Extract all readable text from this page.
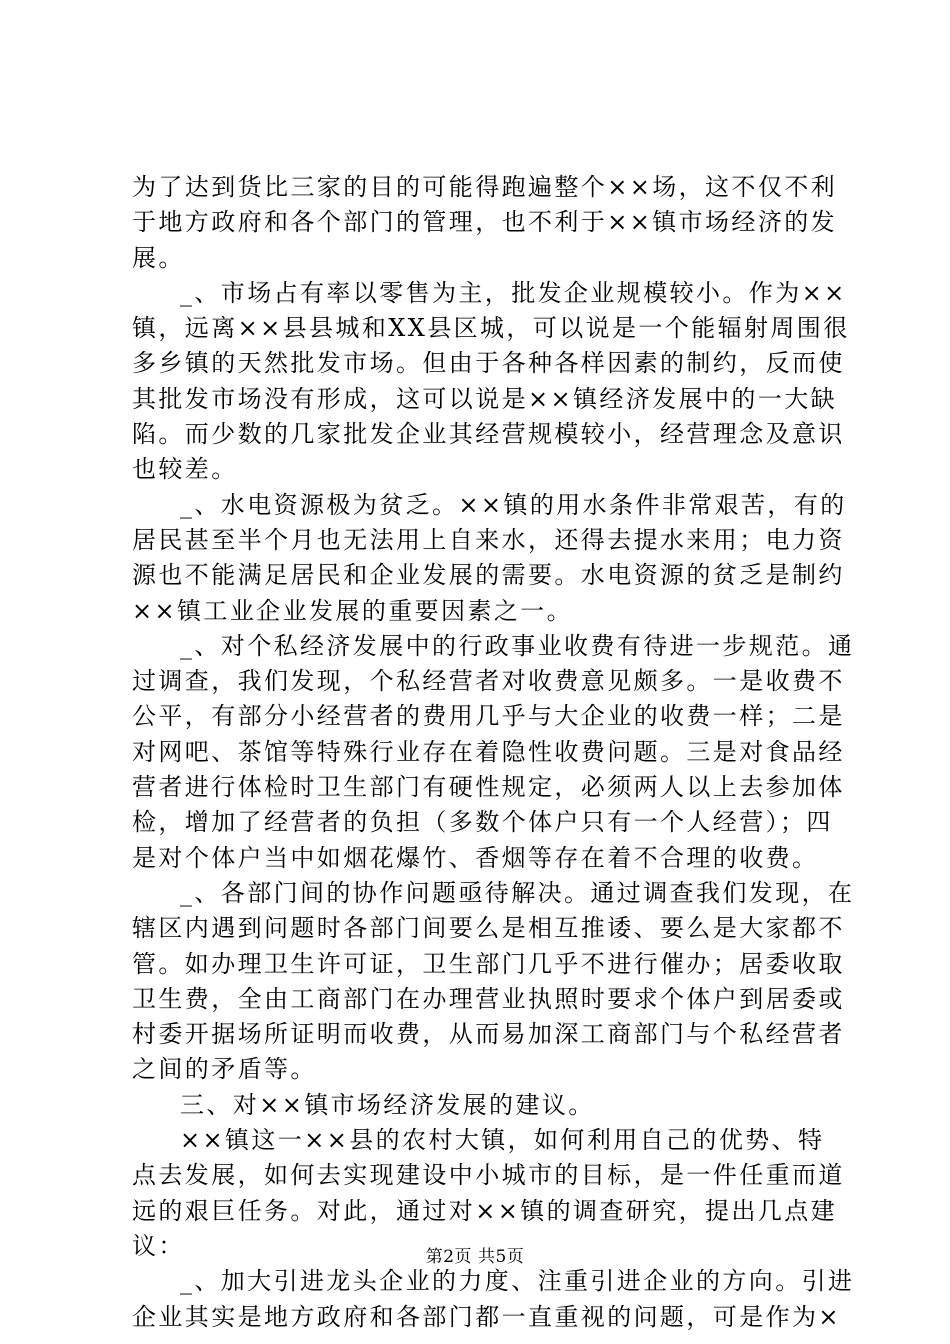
为了达到货比三家的目的可能得跑遍整个××场，这不仅不利
于地方政府和各个部门的管理，也不利于××镇市场经济的发
展。
_、市场占有率以零售为主，批发企业规模较小。作为××
镇，远离××县县城和XX县区城，可以说是一个能辐射周围很
多乡镇的天然批发市场。但由于各种各样因素的制约，反而使
其批发市场没有形成，这可以说是××镇经济发展中的一大缺
陷。而少数的几家批发企业其经营规模较小，经营理念及意识
也较差。
_、水电资源极为贫乏。××镇的用水条件非常艰苦，有的
居民甚至半个月也无法用上自来水，还得去提水来用；电力资
源也不能满足居民和企业发展的需要。水电资源的贫乏是制约
××镇工业企业发展的重要因素之一。
_、对个私经济发展中的行政事业收费有待进一步规范。通
过调查，我们发现，个私经营者对收费意见颇多。一是收费不
公平，有部分小经营者的费用几乎与大企业的收费一样；二是
对网吧、茶馆等特殊行业存在着隐性收费问题。三是对食品经
营者进行体检时卫生部门有硬性规定，必须两人以上去参加体
检，增加了经营者的负担（多数个体户只有一个人经营）；四
是对个体户当中如烟花爆竹、香烟等存在着不合理的收费。
_、各部门间的协作问题亟待解决。通过调查我们发现，在
辖区内遇到问题时各部门间要么是相互推诿、要么是大家都不
管。如办理卫生许可证，卫生部门几乎不进行催办；居委收取
卫生费，全由工商部门在办理营业执照时要求个体户到居委或
村委开据场所证明而收费，从而易加深工商部门与个私经营者
之间的矛盾等。
三、对××镇市场经济发展的建议。
××镇这一××县的农村大镇，如何利用自己的优势、特
点去发展，如何去实现建设中小城市的目标，是一件任重而道
远的艰巨任务。对此，通过对××镇的调查研究，提出几点建
议：
_、加大引进龙头企业的力度、注重引进企业的方向。引进
企业其实是地方政府和各部门都一直重视的问题，可是作为×
第2页 共5页
